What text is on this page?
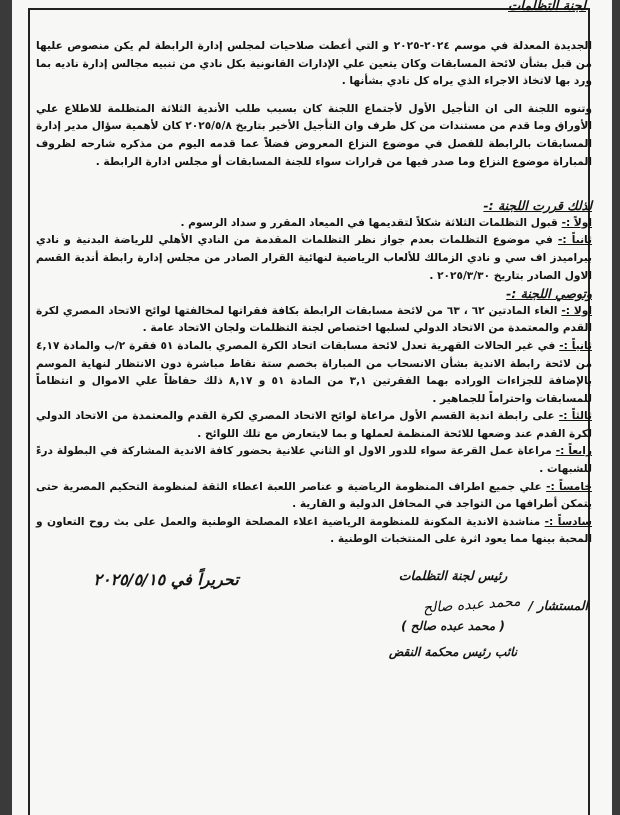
لجنة التظلمات

الجديدة المعدلة في موسم ٢٠٢٤-٢٠٢٥ و التي أعطت صلاحيات لمجلس إدارة الرابطة لم يكن منصوص عليها من قبل بشأن لائحة المسابقات وكان يتعين علي الإدارات القانونية بكل نادي من تنبيه مجالس إدارة ناديه بما ورد بها لاتخاذ الاجراء الذي يراه كل نادي بشأنها .

وتنوه اللجنة الى ان التأجيل الأول لأجتماع اللجنة كان بسبب طلب الأندية الثلاثة المتظلمة للاطلاع علي الأوراق وما قدم من مستندات من كل طرف وان التأجيل الأخير بتاريخ ٢٠٢٥/٥/٨ كان لأهمية سؤال مدير إدارة المسابقات بالرابطة للفصل في موضوع النزاع المعروض فضلاً عما قدمه اليوم من مذكره شارحه لظروف المباراة موضوع النزاع وما صدر فيها من قرارات سواء للجنة المسابقات أو مجلس ادارة الرابطة .

لذلك قررت اللجنة :-

اولاً :- قبول التظلمات الثلاثة شكلاً لتقديمها في الميعاد المقرر و سداد الرسوم .

ثانياً :- في موضوع التظلمات بعدم جواز نظر التظلمات المقدمة من النادي الأهلي للرياضة البدنية و نادي بيراميدز اف سي و نادي الزمالك للألعاب الرياضية لنهائية القرار الصادر من مجلس إدارة رابطة أندية القسم الاول الصادر بتاريخ ٢٠٢٥/٣/٣٠ .

وتوصي اللجنة :-

اولا :- الغاء المادتين ٦٢ ، ٦٣ من لائحة مسابقات الرابطة بكافة فقراتها لمخالفتها لوائح الاتحاد المصري لكرة القدم والمعتمدة من الاتحاد الدولي لسلبها اختصاص لجنة التظلمات ولجان الاتحاد عامة .

ثانياً :- في غير الحالات القهرية تعدل لائحة مسابقات اتحاد الكرة المصري بالمادة ٥١ فقرة ٢/ب والمادة ٤,١٧ من لائحة رابطة الاندية بشأن الانسحاب من المباراة بخصم ستة نقاط مباشرة دون الانتظار لنهاية الموسم بالإضافة للجزاءات الوراده بهما الفقرتين ٣,١ من المادة ٥١ و ٨,١٧ ذلك حفاظاً علي الاموال و انتظاماً للمسابقات واحتراماً للجماهير .

ثالثاً :- على رابطة اندية القسم الأول مراعاة لوائح الاتحاد المصري لكرة القدم والمعتمدة من الاتحاد الدولي لكرة القدم عند وضعها للائحة المنظمة لعملها و بما لايتعارض مع تلك اللوائح .

رابعاً :- مراعاة عمل القرعة سواء للدور الاول او الثاني علانية بحضور كافة الاندية المشاركة في البطولة درءً للشبهات .

خامساً :- علي جميع اطراف المنظومة الرياضية و عناصر اللعبة اعطاء الثقة لمنظومة التحكيم المصرية حتى يتمكن أطرافها من التواجد في المحافل الدولية و القارية .

سادساً :- مناشدة الاندية المكونة للمنظومة الرياضية اعلاء المصلحة الوطنية والعمل على بث روح التعاون و المحبة بينها مما يعود اثرة على المنتخبات الوطنية .

رئيس لجنة التظلمات
المستشار /
محمد عبده صالح
( محمد عبده صالح )
نائب رئيس محكمة النقض
تحريراً في ٢٠٢٥/٥/١٥
